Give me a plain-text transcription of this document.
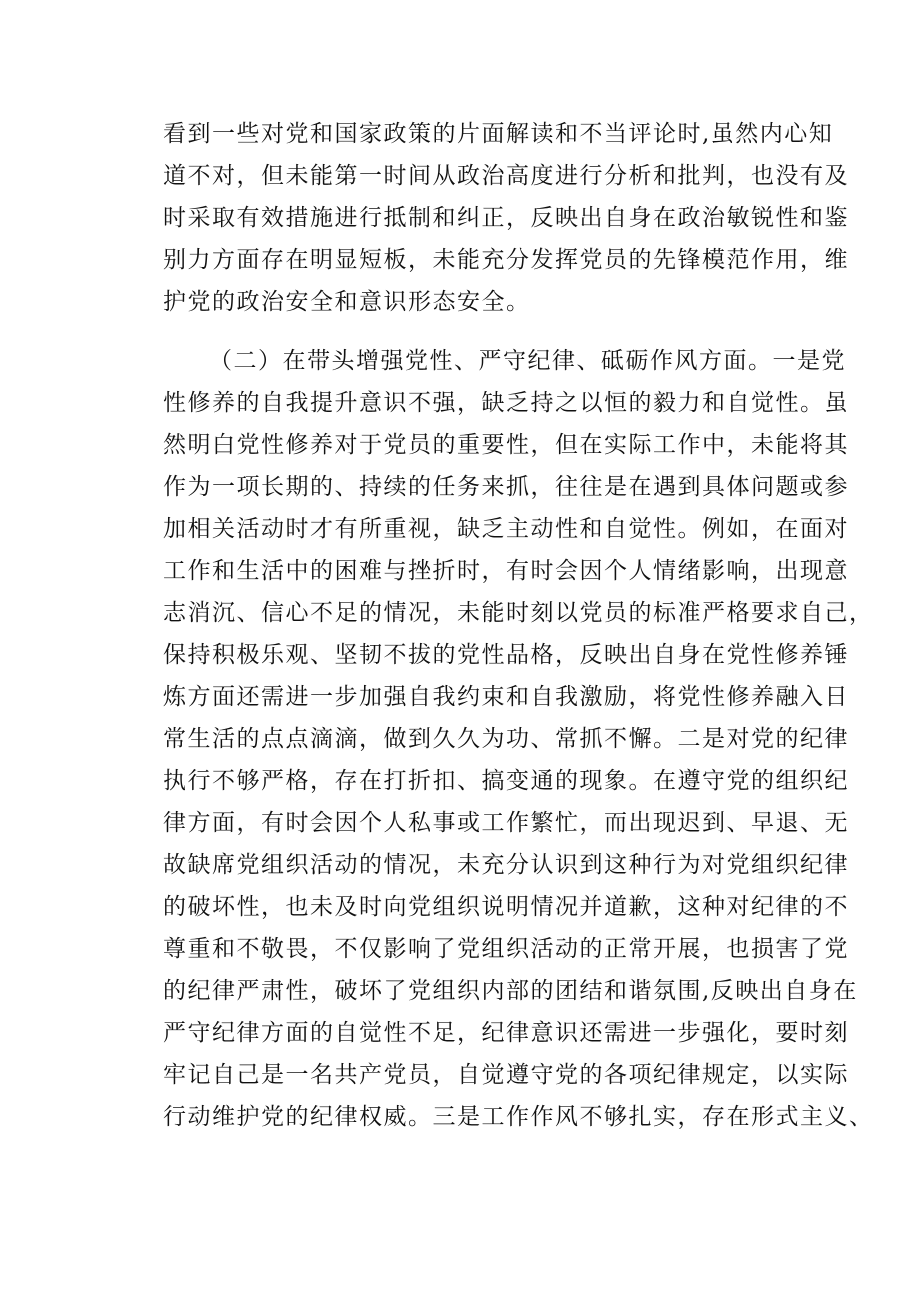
看到一些对党和国家政策的片面解读和不当评论时,虽然内心知
道不对，但未能第一时间从政治高度进行分析和批判，也没有及
时采取有效措施进行抵制和纠正，反映出自身在政治敏锐性和鉴
别力方面存在明显短板，未能充分发挥党员的先锋模范作用，维
护党的政治安全和意识形态安全。
（二）在带头增强党性、严守纪律、砥砺作风方面。一是党
性修养的自我提升意识不强，缺乏持之以恒的毅力和自觉性。虽
然明白党性修养对于党员的重要性，但在实际工作中，未能将其
作为一项长期的、持续的任务来抓，往往是在遇到具体问题或参
加相关活动时才有所重视，缺乏主动性和自觉性。例如，在面对
工作和生活中的困难与挫折时，有时会因个人情绪影响，出现意
志消沉、信心不足的情况，未能时刻以党员的标准严格要求自己，
保持积极乐观、坚韧不拔的党性品格，反映出自身在党性修养锤
炼方面还需进一步加强自我约束和自我激励，将党性修养融入日
常生活的点点滴滴，做到久久为功、常抓不懈。二是对党的纪律
执行不够严格，存在打折扣、搞变通的现象。在遵守党的组织纪
律方面，有时会因个人私事或工作繁忙，而出现迟到、早退、无
故缺席党组织活动的情况，未充分认识到这种行为对党组织纪律
的破坏性，也未及时向党组织说明情况并道歉，这种对纪律的不
尊重和不敬畏，不仅影响了党组织活动的正常开展，也损害了党
的纪律严肃性，破坏了党组织内部的团结和谐氛围,反映出自身在
严守纪律方面的自觉性不足，纪律意识还需进一步强化，要时刻
牢记自己是一名共产党员，自觉遵守党的各项纪律规定，以实际
行动维护党的纪律权威。三是工作作风不够扎实，存在形式主义、
